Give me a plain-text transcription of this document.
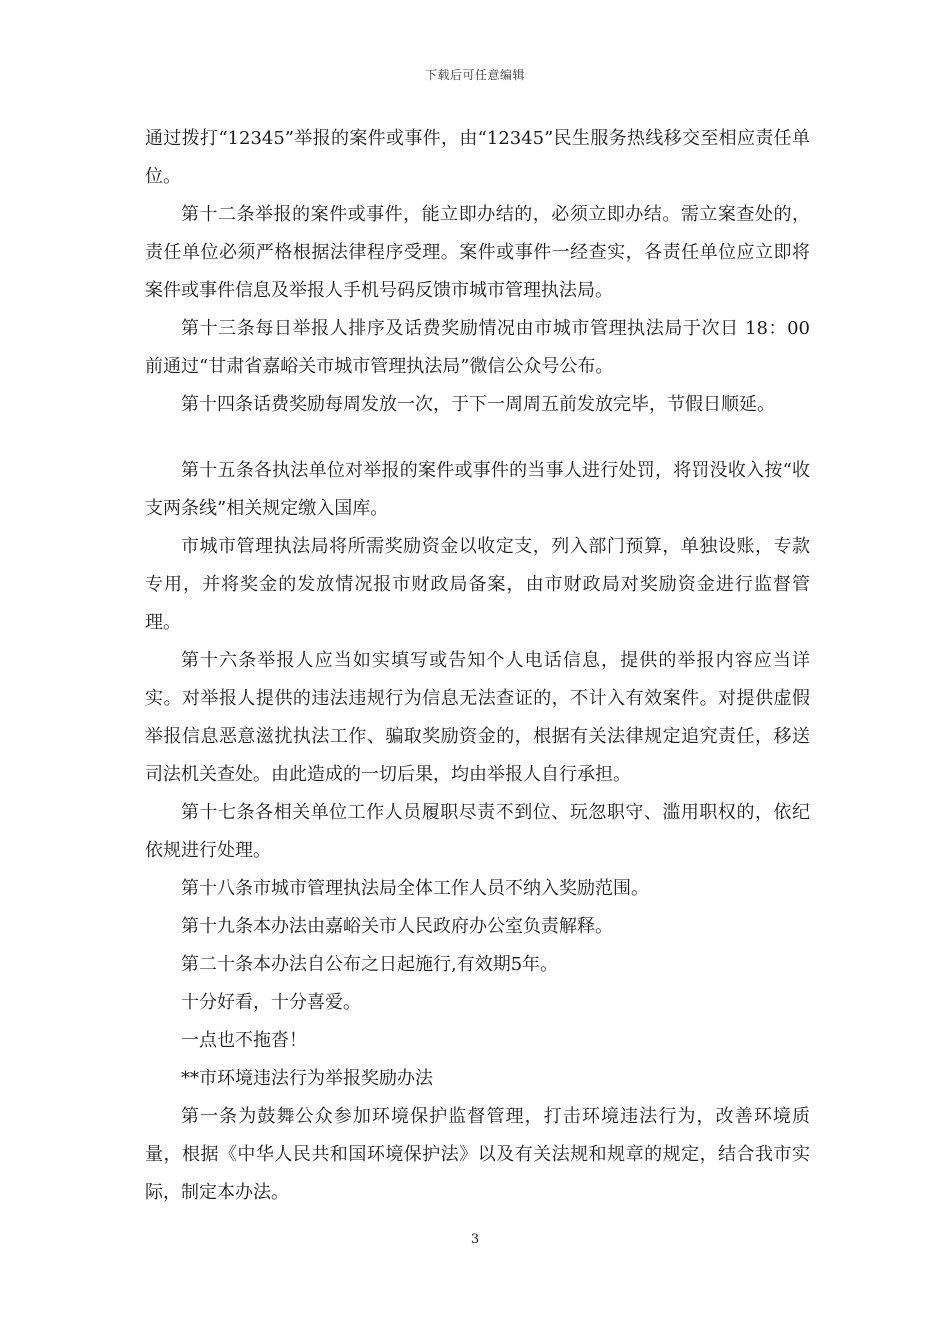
下载后可任意编辑

通过拨打“12345”举报的案件或事件，由“12345”民生服务热线移交至相应责任单位。

第十二条举报的案件或事件，能立即办结的，必须立即办结。需立案查处的，责任单位必须严格根据法律程序受理。案件或事件一经查实，各责任单位应立即将案件或事件信息及举报人手机号码反馈市城市管理执法局。

第十三条每日举报人排序及话费奖励情况由市城市管理执法局于次日 18：00 前通过“甘肃省嘉峪关市城市管理执法局”微信公众号公布。

第十四条话费奖励每周发放一次，于下一周周五前发放完毕，节假日顺延。

第十五条各执法单位对举报的案件或事件的当事人进行处罚，将罚没收入按“收支两条线”相关规定缴入国库。

市城市管理执法局将所需奖励资金以收定支，列入部门预算，单独设账，专款专用，并将奖金的发放情况报市财政局备案，由市财政局对奖励资金进行监督管理。

第十六条举报人应当如实填写或告知个人电话信息，提供的举报内容应当详实。对举报人提供的违法违规行为信息无法查证的，不计入有效案件。对提供虚假举报信息恶意滋扰执法工作、骗取奖励资金的，根据有关法律规定追究责任，移送司法机关查处。由此造成的一切后果，均由举报人自行承担。

第十七条各相关单位工作人员履职尽责不到位、玩忽职守、滥用职权的，依纪依规进行处理。

第十八条市城市管理执法局全体工作人员不纳入奖励范围。

第十九条本办法由嘉峪关市人民政府办公室负责解释。

第二十条本办法自公布之日起施行,有效期5年。

十分好看，十分喜爱。

一点也不拖沓！

**市环境违法行为举报奖励办法

第一条为鼓舞公众参加环境保护监督管理，打击环境违法行为，改善环境质量，根据《中华人民共和国环境保护法》以及有关法规和规章的规定，结合我市实际，制定本办法。

3
